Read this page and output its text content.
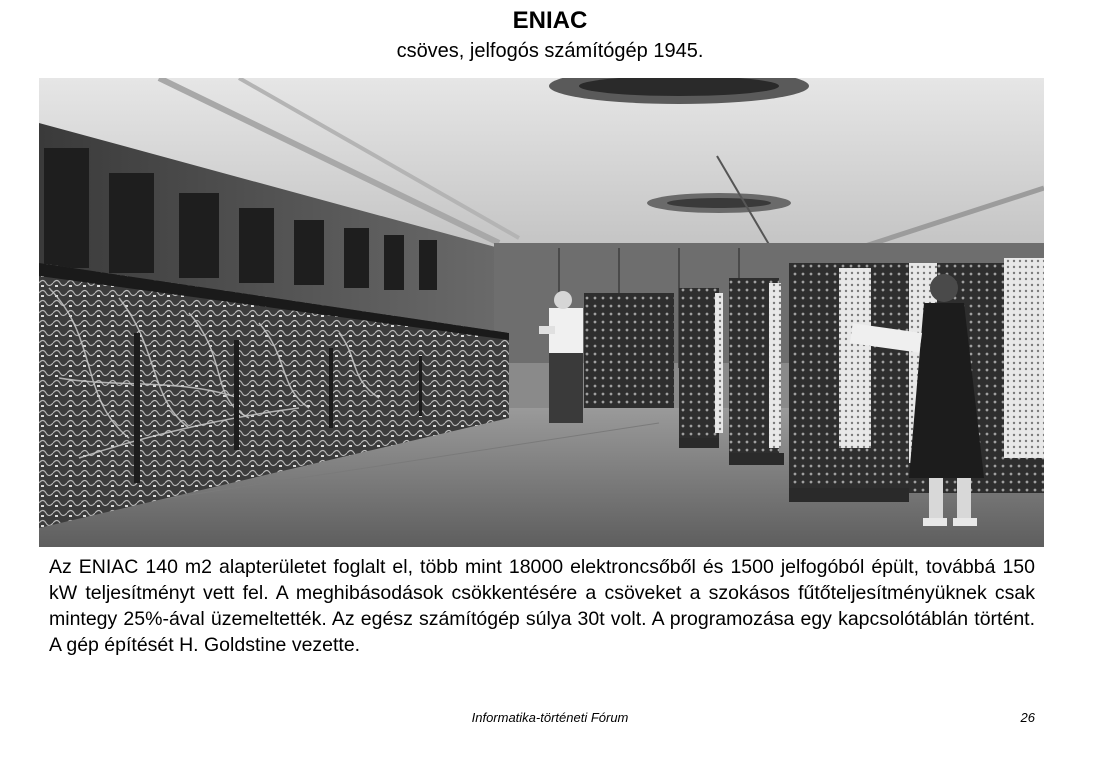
ENIAC
csöves, jelfogós számítógép 1945.
Az ENIAC 140 m2 alapterületet foglalt el, több mint 18000 elektroncsőből és 1500 jelfogóból épült, továbbá 150 kW teljesítményt vett fel. A meghibásodások csökkentésére a csöveket a szokásos fűtőteljesítményüknek csak mintegy 25%-ával üzemeltették. Az egész számítógép súlya 30t volt. A programozása egy kapcsolótáblán történt. A gép építését H. Goldstine vezette.
Informatika-történeti Fórum	26
